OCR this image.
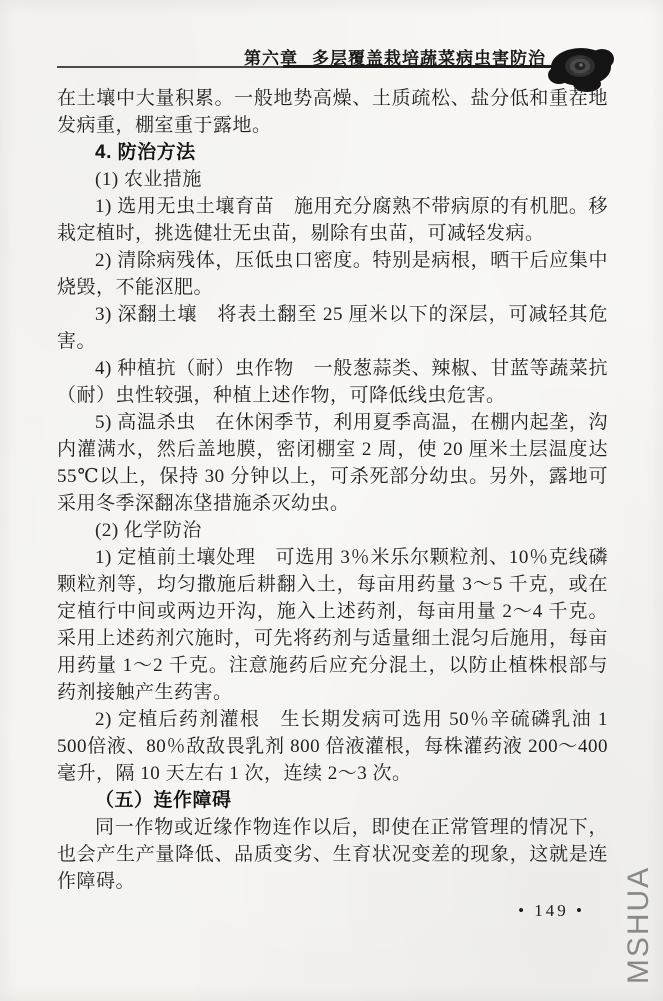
第六章 多层覆盖栽培蔬菜病虫害防治

在土壤中大量积累。一般地势高燥、土质疏松、盐分低和重茬地发病重，棚室重于露地。

4. 防治方法

(1) 农业措施

1) 选用无虫土壤育苗　施用充分腐熟不带病原的有机肥。移栽定植时，挑选健壮无虫苗，剔除有虫苗，可减轻发病。

2) 清除病残体，压低虫口密度。特别是病根，晒干后应集中烧毁，不能沤肥。

3) 深翻土壤　将表土翻至 25 厘米以下的深层，可减轻其危害。

4) 种植抗（耐）虫作物　一般葱蒜类、辣椒、甘蓝等蔬菜抗（耐）虫性较强，种植上述作物，可降低线虫危害。

5) 高温杀虫　在休闲季节，利用夏季高温，在棚内起垄，沟内灌满水，然后盖地膜，密闭棚室 2 周，使 20 厘米土层温度达 55℃以上，保持 30 分钟以上，可杀死部分幼虫。另外，露地可采用冬季深翻冻垡措施杀灭幼虫。

(2) 化学防治

1) 定植前土壤处理　可选用 3％米乐尔颗粒剂、10％克线磷颗粒剂等，均匀撒施后耕翻入土，每亩用药量 3～5 千克，或在定植行中间或两边开沟，施入上述药剂，每亩用量 2～4 千克。采用上述药剂穴施时，可先将药剂与适量细土混匀后施用，每亩用药量 1～2 千克。注意施药后应充分混土，以防止植株根部与药剂接触产生药害。

2) 定植后药剂灌根　生长期发病可选用 50％辛硫磷乳油 1 500倍液、80％敌敌畏乳剂 800 倍液灌根，每株灌药液 200～400 毫升，隔 10 天左右 1 次，连续 2～3 次。

（五）连作障碍

同一作物或近缘作物连作以后，即使在正常管理的情况下，也会产生产量降低、品质变劣、生育状况变差的现象，这就是连作障碍。

• 149 • MSHUA
